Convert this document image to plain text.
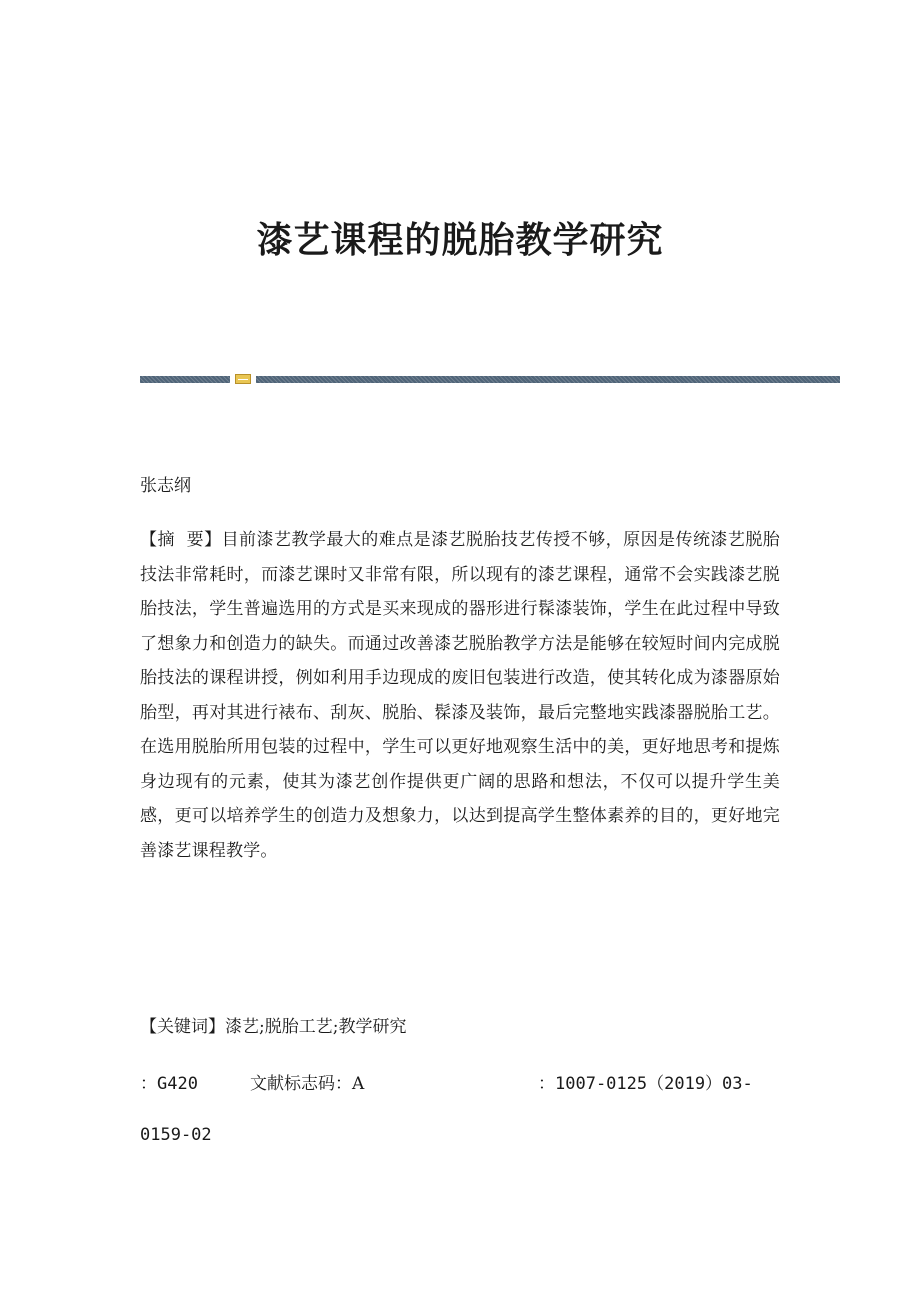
漆艺课程的脱胎教学研究
张志纲
【摘  要】目前漆艺教学最大的难点是漆艺脱胎技艺传授不够，原因是传统漆艺脱胎技法非常耗时，而漆艺课时又非常有限，所以现有的漆艺课程，通常不会实践漆艺脱胎技法，学生普遍选用的方式是买来现成的器形进行髹漆装饰，学生在此过程中导致了想象力和创造力的缺失。而通过改善漆艺脱胎教学方法是能够在较短时间内完成脱胎技法的课程讲授，例如利用手边现成的废旧包装进行改造，使其转化成为漆器原始胎型，再对其进行裱布、刮灰、脱胎、髹漆及装饰，最后完整地实践漆器脱胎工艺。在选用脱胎所用包装的过程中，学生可以更好地观察生活中的美，更好地思考和提炼身边现有的元素，使其为漆艺创作提供更广阔的思路和想法，不仅可以提升学生美感，更可以培养学生的创造力及想象力，以达到提高学生整体素养的目的，更好地完善漆艺课程教学。
【关键词】漆艺;脱胎工艺;教学研究
：G420	文献标志码：A	：1007-0125（2019）03-
0159-02
